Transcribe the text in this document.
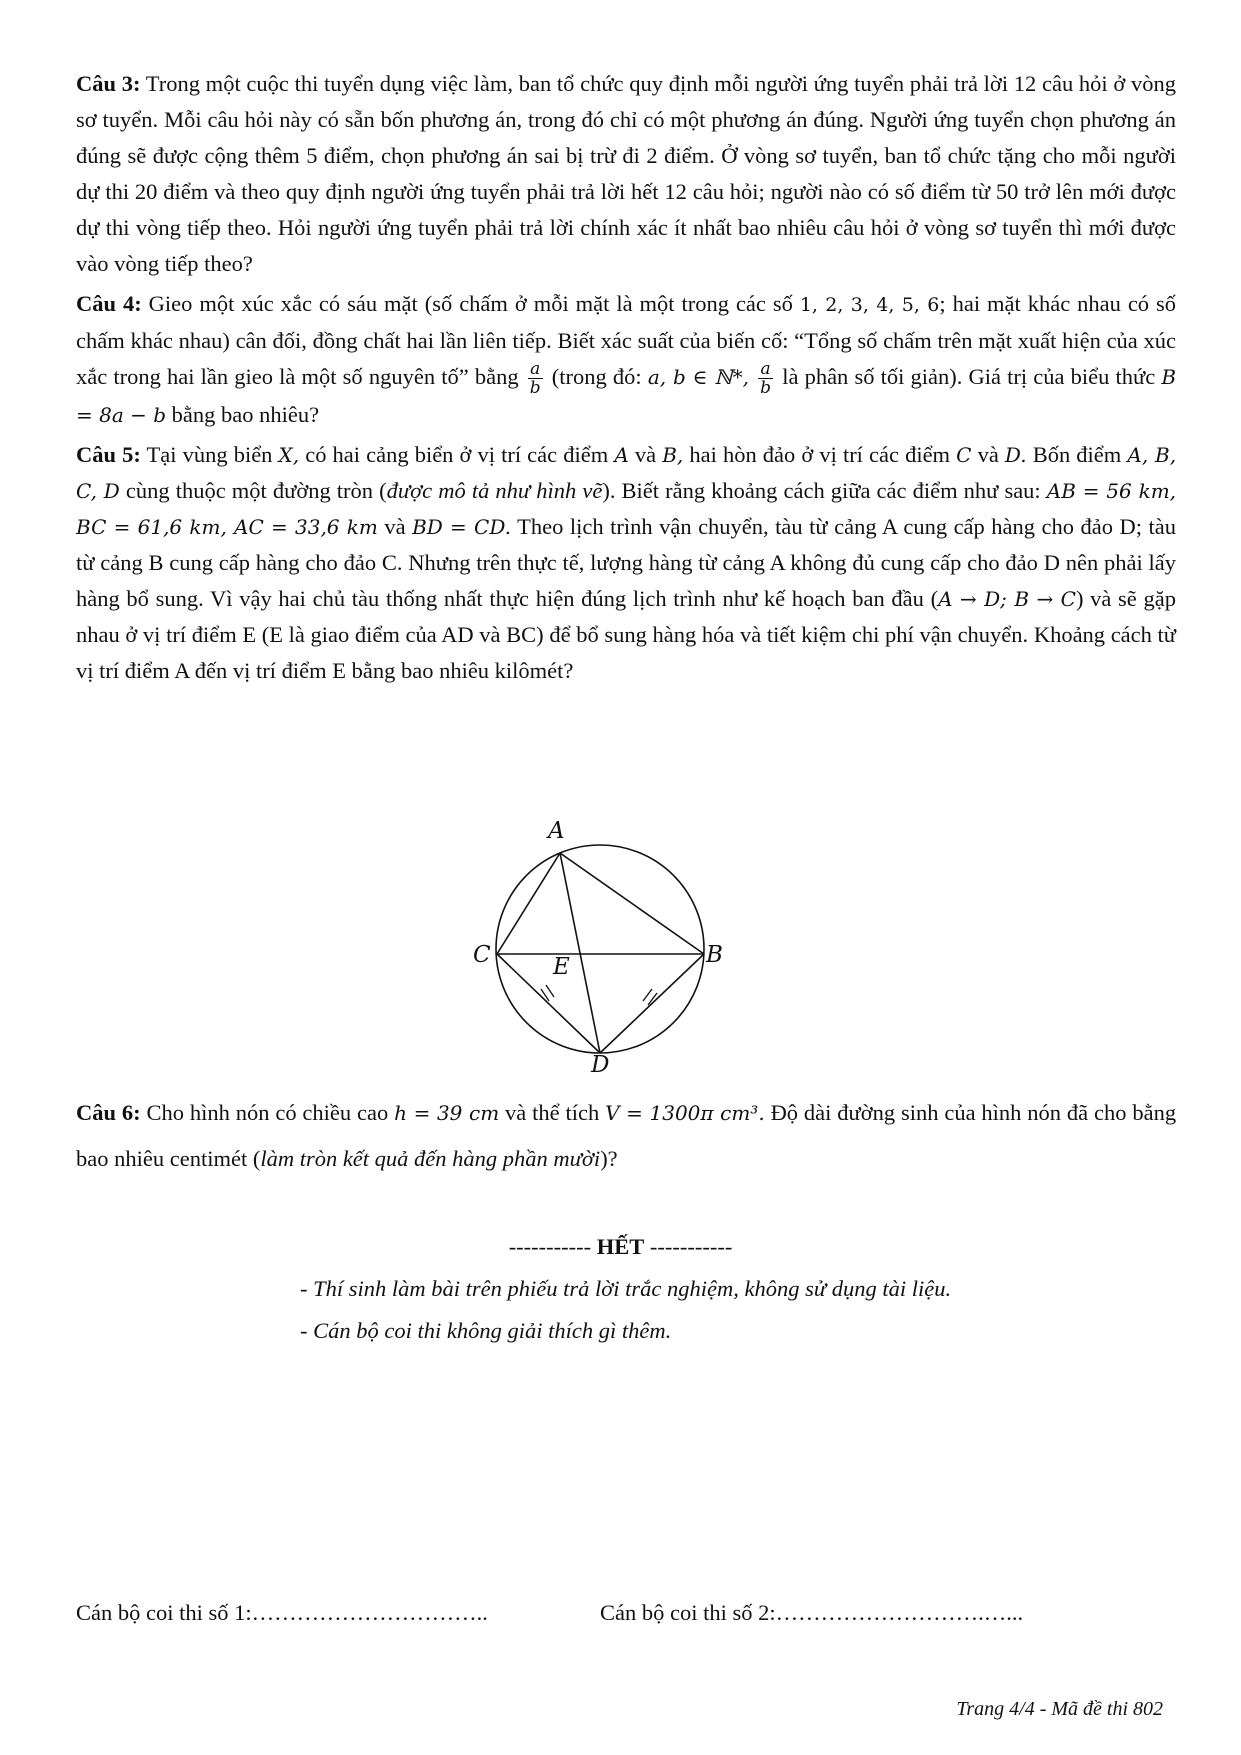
Câu 3: Trong một cuộc thi tuyển dụng việc làm, ban tổ chức quy định mỗi người ứng tuyển phải trả lời 12 câu hỏi ở vòng sơ tuyển. Mỗi câu hỏi này có sẵn bốn phương án, trong đó chỉ có một phương án đúng. Người ứng tuyển chọn phương án đúng sẽ được cộng thêm 5 điểm, chọn phương án sai bị trừ đi 2 điểm. Ở vòng sơ tuyển, ban tổ chức tặng cho mỗi người dự thi 20 điểm và theo quy định người ứng tuyển phải trả lời hết 12 câu hỏi; người nào có số điểm từ 50 trở lên mới được dự thi vòng tiếp theo. Hỏi người ứng tuyển phải trả lời chính xác ít nhất bao nhiêu câu hỏi ở vòng sơ tuyển thì mới được vào vòng tiếp theo?

Câu 4: Gieo một xúc xắc có sáu mặt (số chấm ở mỗi mặt là một trong các số 1, 2, 3, 4, 5, 6; hai mặt khác nhau có số chấm khác nhau) cân đối, đồng chất hai lần liên tiếp. Biết xác suất của biến cố: “Tổng số chấm trên mặt xuất hiện của xúc xắc trong hai lần gieo là một số nguyên tố” bằng $\frac{a}{b}$ (trong đó: a, b ∈ ℕ*, $\frac{a}{b}$ là phân số tối giản). Giá trị của biểu thức B = 8a − b bằng bao nhiêu?

Câu 5: Tại vùng biển X, có hai cảng biển ở vị trí các điểm A và B, hai hòn đảo ở vị trí các điểm C và D. Bốn điểm A, B, C, D cùng thuộc một đường tròn (được mô tả như hình vẽ). Biết rằng khoảng cách giữa các điểm như sau: AB = 56 km, BC = 61,6 km, AC = 33,6 km và BD = CD. Theo lịch trình vận chuyển, tàu từ cảng A cung cấp hàng cho đảo D; tàu từ cảng B cung cấp hàng cho đảo C. Nhưng trên thực tế, lượng hàng từ cảng A không đủ cung cấp cho đảo D nên phải lấy hàng bổ sung. Vì vậy hai chủ tàu thống nhất thực hiện đúng lịch trình như kế hoạch ban đầu (A → D; B → C) và sẽ gặp nhau ở vị trí điểm E (E là giao điểm của AD và BC) để bổ sung hàng hóa và tiết kiệm chi phí vận chuyển. Khoảng cách từ vị trí điểm A đến vị trí điểm E bằng bao nhiêu kilômét?

A
B
C
D
E

Câu 6: Cho hình nón có chiều cao h = 39 cm và thể tích V = 1300π cm³. Độ dài đường sinh của hình nón đã cho bằng bao nhiêu centimét (làm tròn kết quả đến hàng phần mười)?

----------- HẾT -----------
- Thí sinh làm bài trên phiếu trả lời trắc nghiệm, không sử dụng tài liệu.
- Cán bộ coi thi không giải thích gì thêm.
Cán bộ coi thi số 1:…………………………..	Cán bộ coi thi số 2:……………………….…...
Trang 4/4 - Mã đề thi 802
